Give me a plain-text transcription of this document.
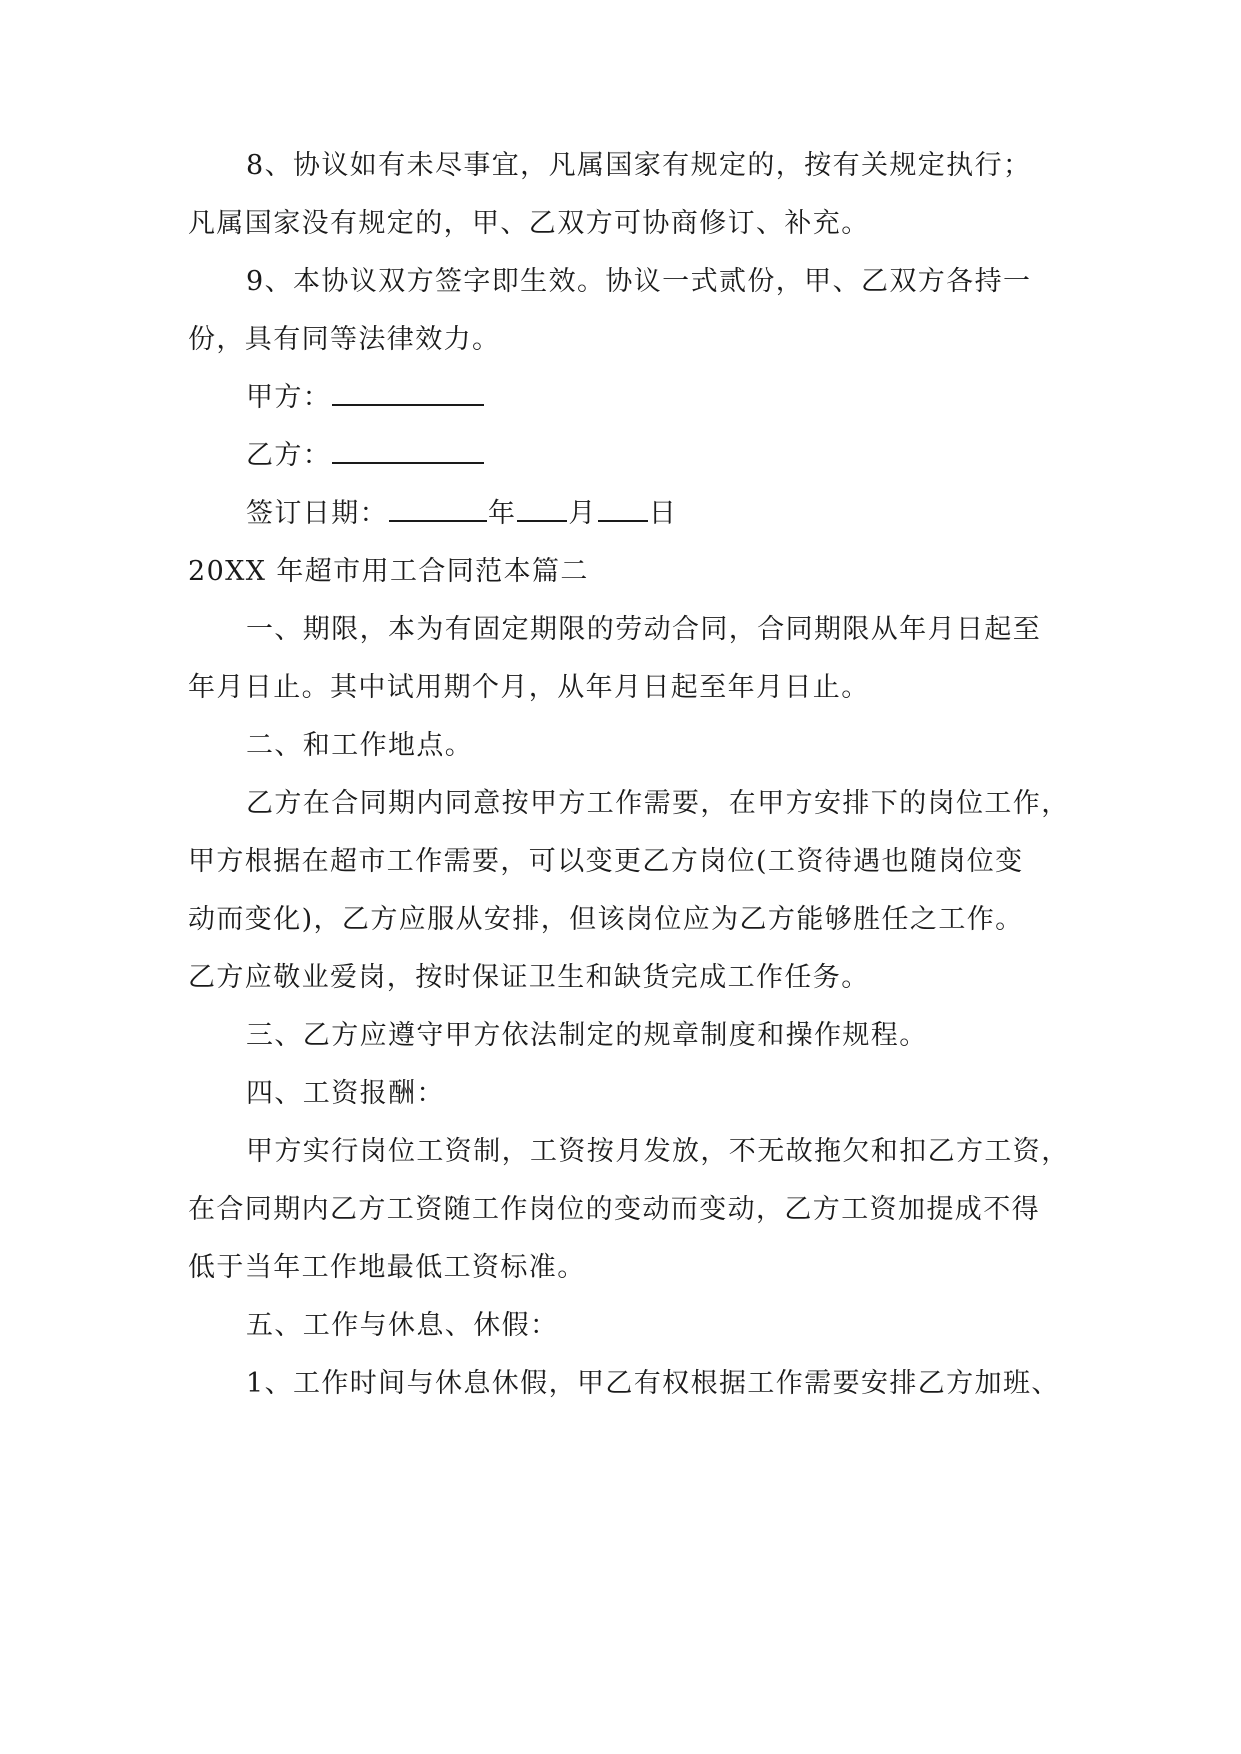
8、协议如有未尽事宜，凡属国家有规定的，按有关规定执行；
凡属国家没有规定的，甲、乙双方可协商修订、补充。
9、本协议双方签字即生效。协议一式贰份，甲、乙双方各持一
份，具有同等法律效力。
甲方：
乙方：
签订日期：	年 月 日
20XX 年超市用工合同范本篇二
一、期限，本为有固定期限的劳动合同，合同期限从年月日起至
年月日止。其中试用期个月，从年月日起至年月日止。
二、和工作地点。
乙方在合同期内同意按甲方工作需要，在甲方安排下的岗位工作，
甲方根据在超市工作需要，可以变更乙方岗位(工资待遇也随岗位变
动而变化)，乙方应服从安排，但该岗位应为乙方能够胜任之工作。
乙方应敬业爱岗，按时保证卫生和缺货完成工作任务。
三、乙方应遵守甲方依法制定的规章制度和操作规程。
四、工资报酬：
甲方实行岗位工资制，工资按月发放，不无故拖欠和扣乙方工资，
在合同期内乙方工资随工作岗位的变动而变动，乙方工资加提成不得
低于当年工作地最低工资标准。
五、工作与休息、休假：
1、工作时间与休息休假，甲乙有权根据工作需要安排乙方加班、
